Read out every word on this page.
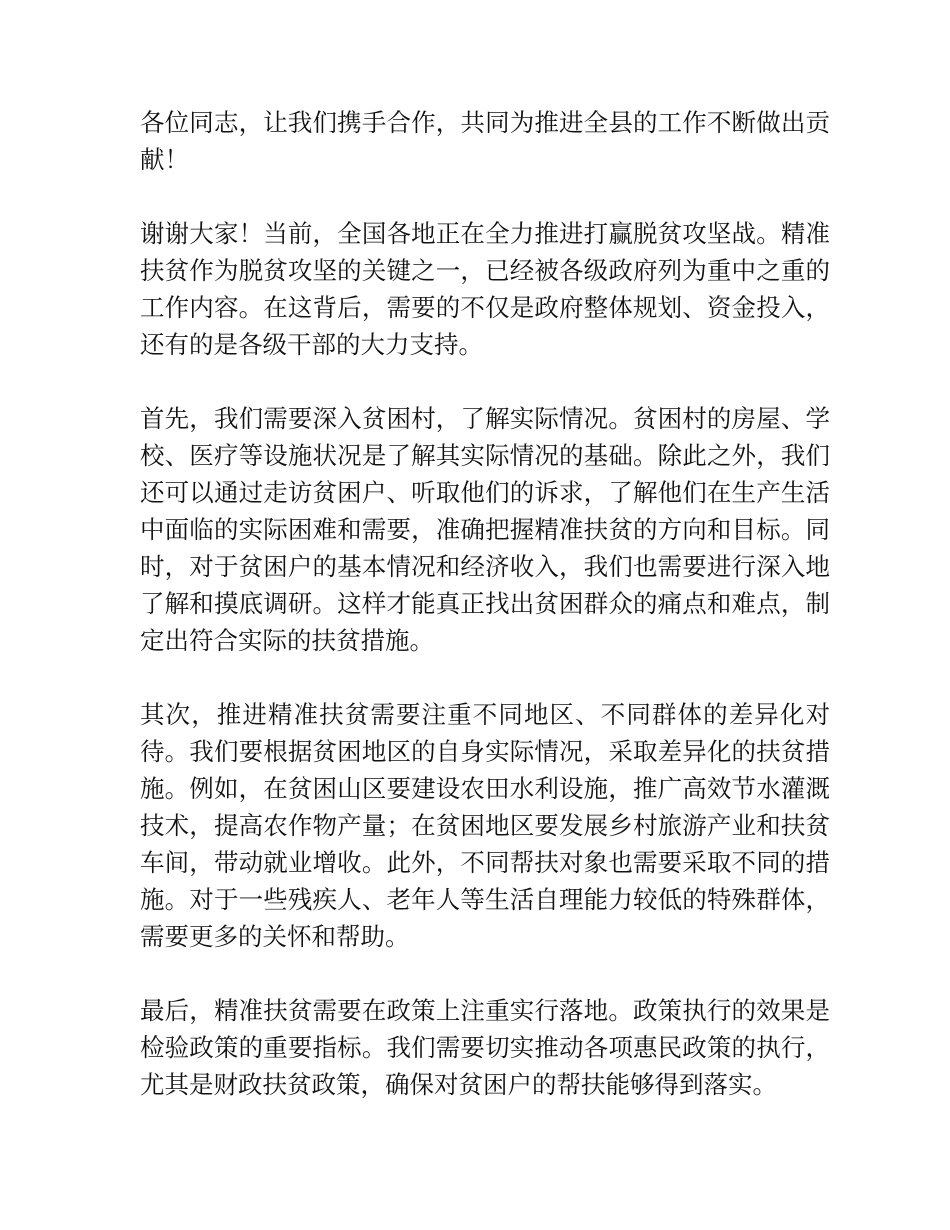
各位同志，让我们携手合作，共同为推进全县的工作不断做出贡献！

谢谢大家！当前，全国各地正在全力推进打赢脱贫攻坚战。精准扶贫作为脱贫攻坚的关键之一，已经被各级政府列为重中之重的工作内容。在这背后，需要的不仅是政府整体规划、资金投入，还有的是各级干部的大力支持。

首先，我们需要深入贫困村，了解实际情况。贫困村的房屋、学校、医疗等设施状况是了解其实际情况的基础。除此之外，我们还可以通过走访贫困户、听取他们的诉求，了解他们在生产生活中面临的实际困难和需要，准确把握精准扶贫的方向和目标。同时，对于贫困户的基本情况和经济收入，我们也需要进行深入地了解和摸底调研。这样才能真正找出贫困群众的痛点和难点，制定出符合实际的扶贫措施。

其次，推进精准扶贫需要注重不同地区、不同群体的差异化对待。我们要根据贫困地区的自身实际情况，采取差异化的扶贫措施。例如，在贫困山区要建设农田水利设施，推广高效节水灌溉技术，提高农作物产量；在贫困地区要发展乡村旅游产业和扶贫车间，带动就业增收。此外，不同帮扶对象也需要采取不同的措施。对于一些残疾人、老年人等生活自理能力较低的特殊群体，需要更多的关怀和帮助。

最后，精准扶贫需要在政策上注重实行落地。政策执行的效果是检验政策的重要指标。我们需要切实推动各项惠民政策的执行，尤其是财政扶贫政策，确保对贫困户的帮扶能够得到落实。
